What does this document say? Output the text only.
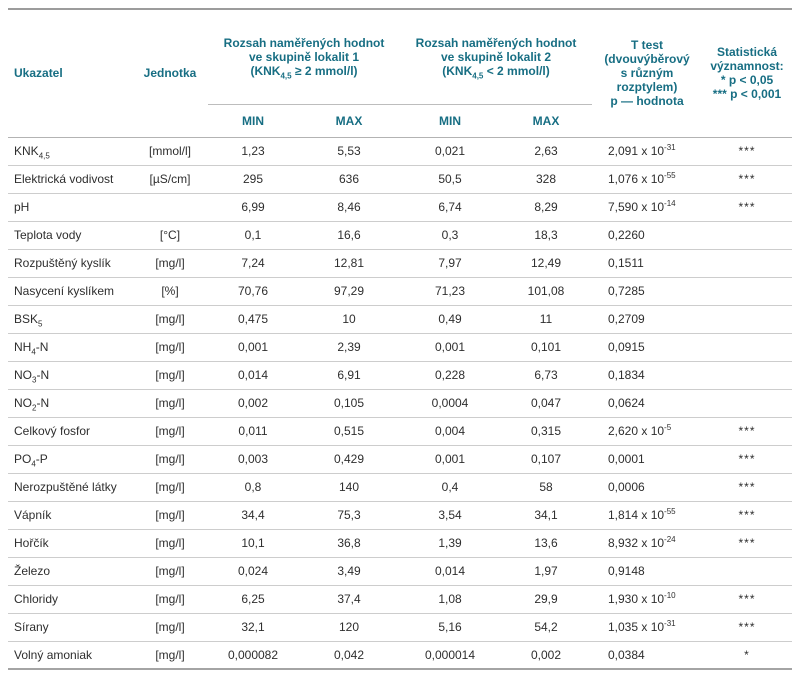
Ukazatel	Jednotka	Rozsah naměřených hodnot
ve skupině lokalit 1
($KNK_{4,5} \ge 2$ mmol/l)		Rozsah naměřených hodnot
ve skupině lokalit 2
($KNK_{4,5} < 2$ mmol/l)		T test
(dvouvýběrový
s různým
rozptylem)
p — hodnota	Statistická
významnost:
* p < 0,05
*** p < 0,001
		MIN	MAX	MIN	MAX		
$KNK_{4,5}$	[mmol/l]	1,23	5,53	0,021	2,63	2,091 x $10^{-31}$	***
Elektrická vodivost	[µS/cm]	295	636	50,5	328	1,076 x $10^{-55}$	***
pH		6,99	8,46	6,74	8,29	7,590 x $10^{-14}$	***
Teplota vody	[°C]	0,1	16,6	0,3	18,3	0,2260	
Rozpuštěný kyslík	[mg/l]	7,24	12,81	7,97	12,49	0,1511	
Nasycení kyslíkem	[%]	70,76	97,29	71,23	101,08	0,7285	
$BSK_5$	[mg/l]	0,475	10	0,49	11	0,2709	
$NH_4-N$	[mg/l]	0,001	2,39	0,001	0,101	0,0915	
$NO_3-N$	[mg/l]	0,014	6,91	0,228	6,73	0,1834	
$NO_2-N$	[mg/l]	0,002	0,105	0,0004	0,047	0,0624	
Celkový fosfor	[mg/l]	0,011	0,515	0,004	0,315	2,620 x $10^{-5}$	***
$PO_4-P$	[mg/l]	0,003	0,429	0,001	0,107	0,0001	***
Nerozpuštěné látky	[mg/l]	0,8	140	0,4	58	0,0006	***
Vápník	[mg/l]	34,4	75,3	3,54	34,1	1,814 x $10^{-55}$	***
Hořčík	[mg/l]	10,1	36,8	1,39	13,6	8,932 x $10^{-24}$	***
Železo	[mg/l]	0,024	3,49	0,014	1,97	0,9148	
Chloridy	[mg/l]	6,25	37,4	1,08	29,9	1,930 x $10^{-10}$	***
Sírany	[mg/l]	32,1	120	5,16	54,2	1,035 x $10^{-31}$	***
Volný amoniak	[mg/l]	0,000082	0,042	0,000014	0,002	0,0384	*
